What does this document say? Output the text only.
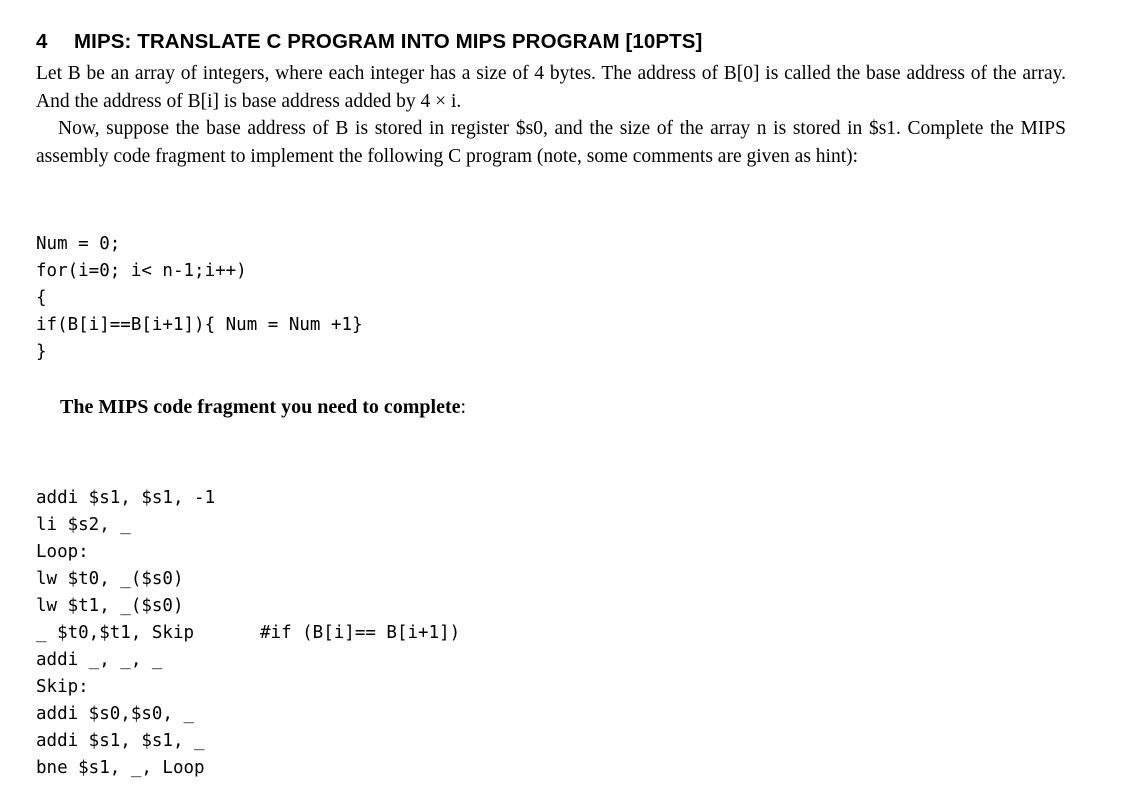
4 MIPS: TRANSLATE C PROGRAM INTO MIPS PROGRAM [10PTS]

Let B be an array of integers, where each integer has a size of 4 bytes. The address of B[0] is called the base address of the array. And the address of B[i] is base address added by 4 × i.

Now, suppose the base address of B is stored in register $s0, and the size of the array n is stored in $s1. Complete the MIPS assembly code fragment to implement the following C program (note, some comments are given as hint):

Num = 0;
for(i=0; i< n-1;i++)
{
if(B[i]==B[i+1]){ Num = Num +1}
}
The MIPS code fragment you need to complete:
addi $s1, $s1, -1
li $s2, _
Loop:
lw $t0, _($s0)
lw $t1, _($s0)
_ $t0,$t1, Skip	#if (B[i]== B[i+1])
addi _, _, _
Skip:
addi $s0,$s0, _
addi $s1, $s1, _
bne $s1, _, Loop
